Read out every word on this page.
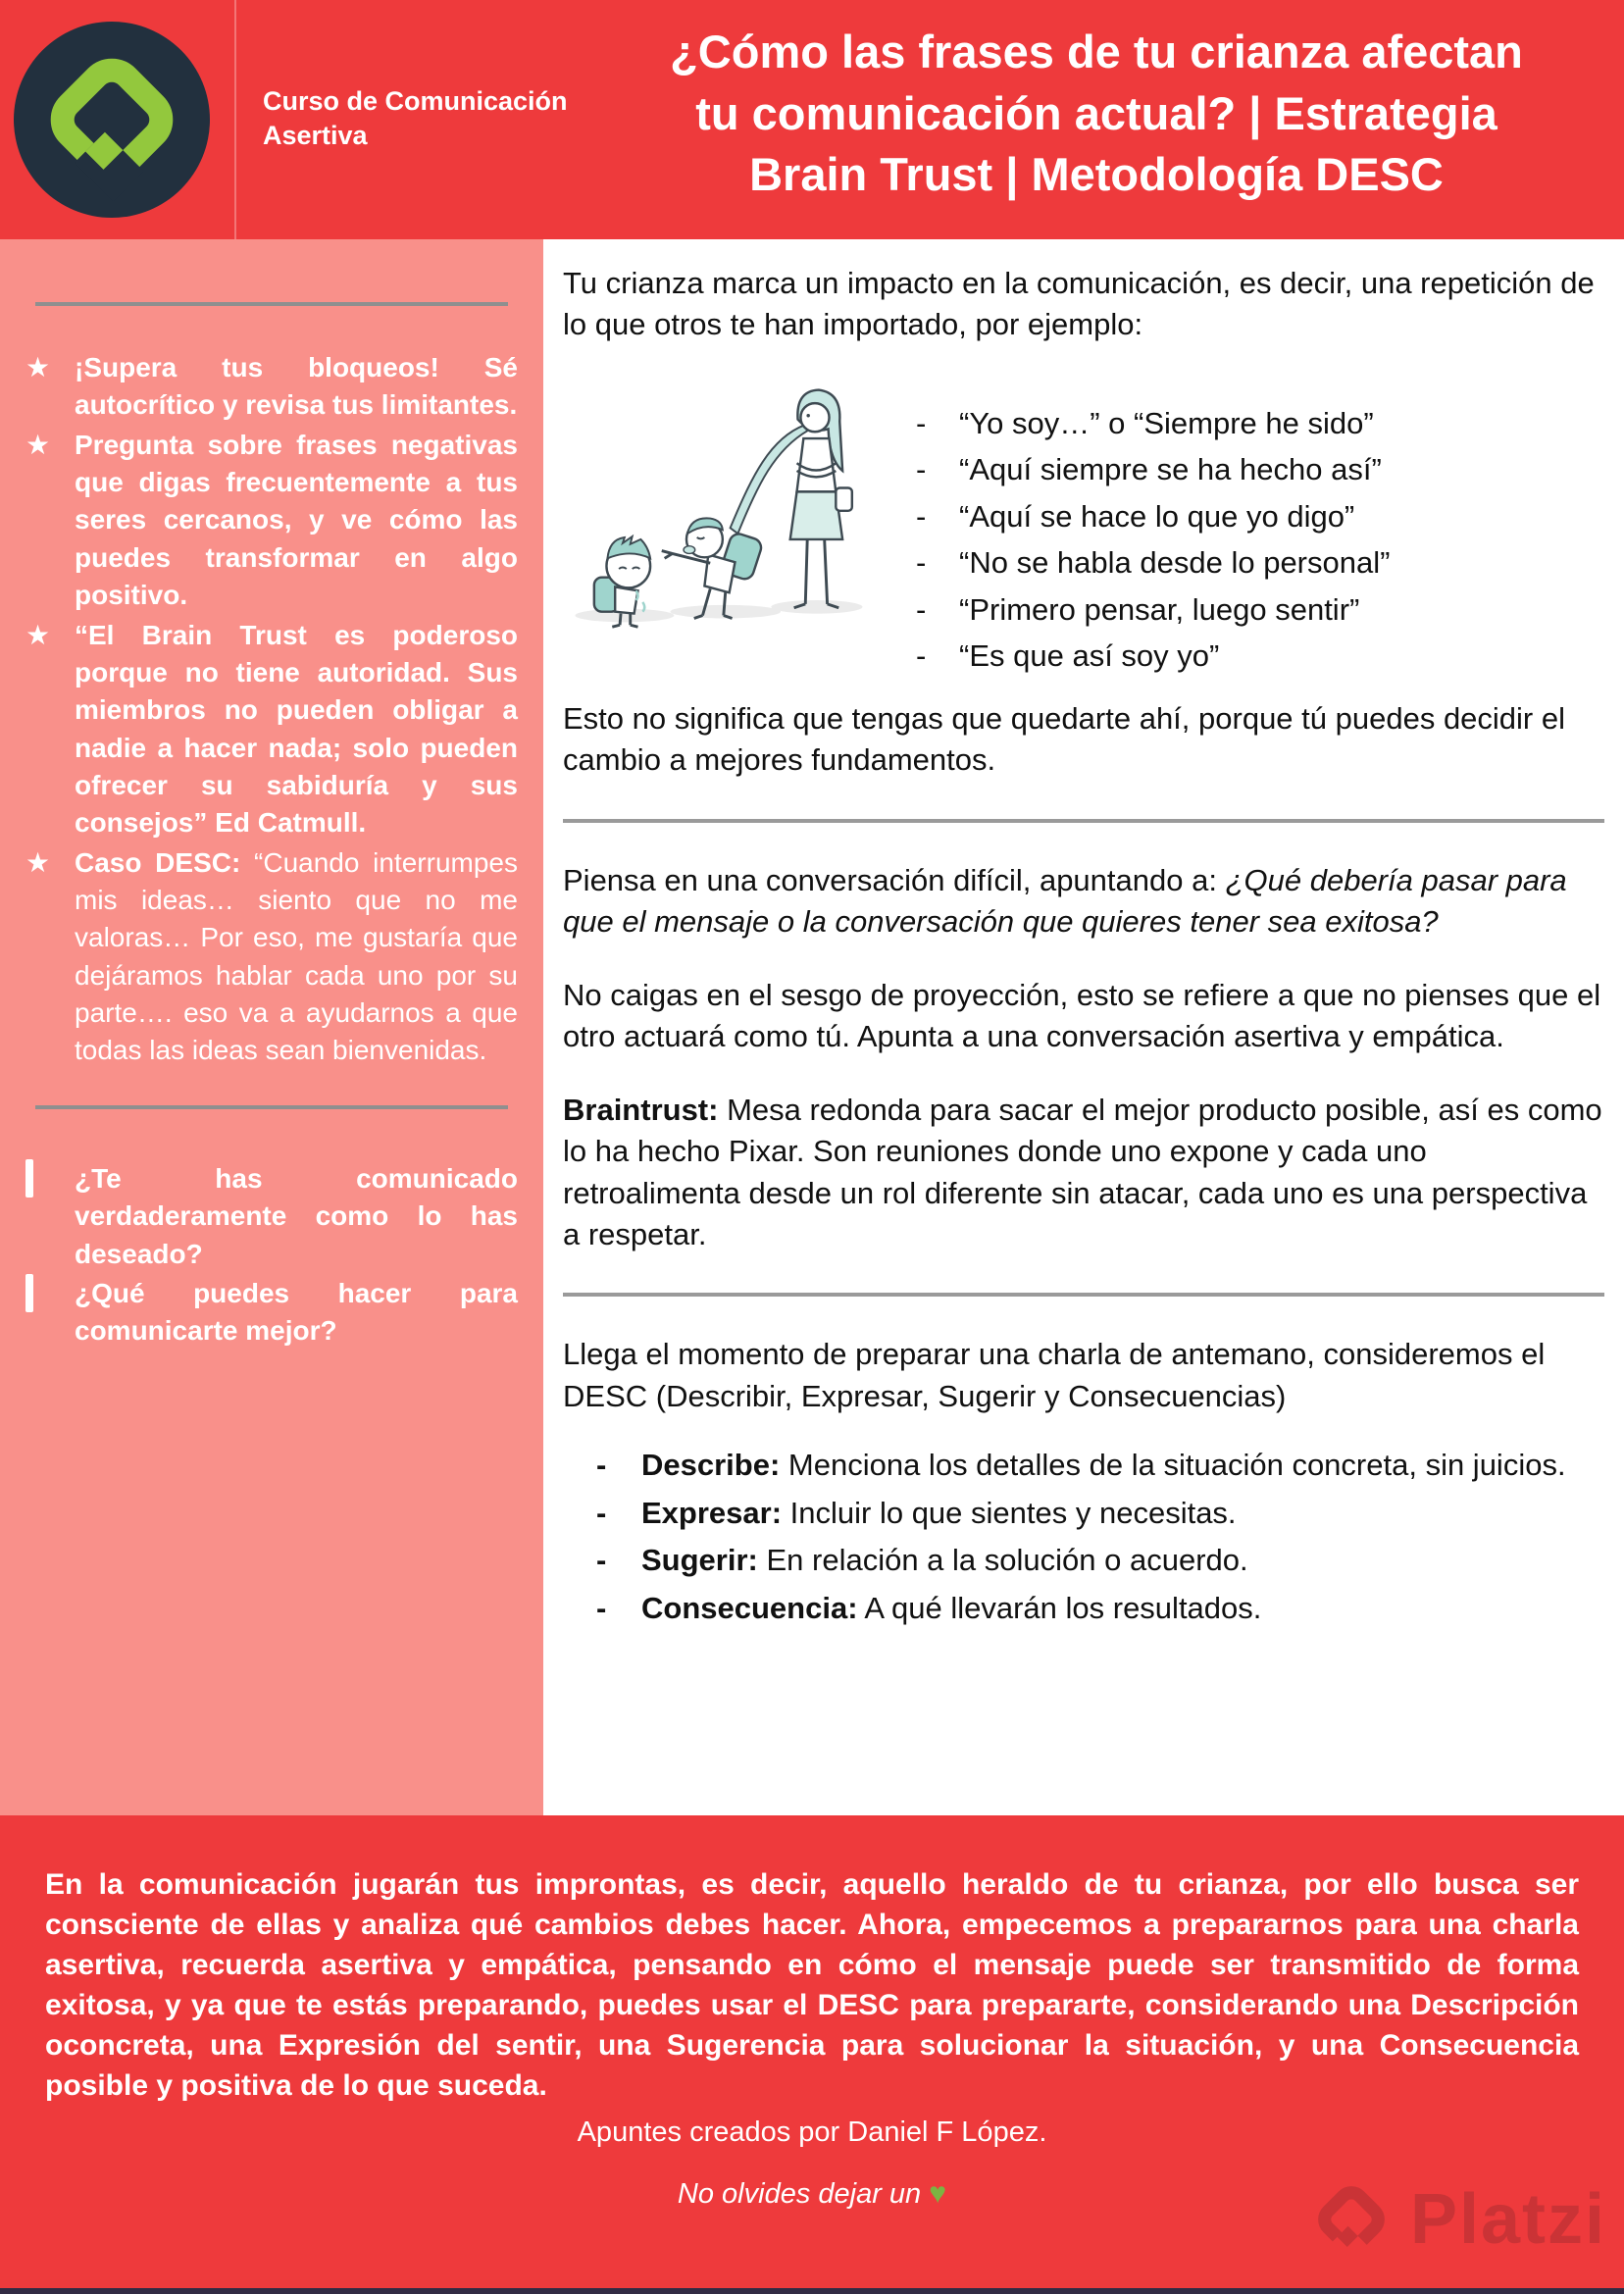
Curso de Comunicación Asertiva
¿Cómo las frases de tu crianza afectan
tu comunicación actual? | Estrategia
Brain Trust | Metodología DESC
★ ¡Supera tus bloqueos! Sé autocrítico y revisa tus limitantes.
★ Pregunta sobre frases negativas que digas frecuentemente a tus seres cercanos, y ve cómo las puedes transformar en algo positivo.
★ “El Brain Trust es poderoso porque no tiene autoridad. Sus miembros no pueden obligar a nadie a hacer nada; solo pueden ofrecer su sabiduría y sus consejos” Ed Catmull.
★ Caso DESC: “Cuando interrumpes mis ideas… siento que no me valoras… Por eso, me gustaría que dejáramos hablar cada uno por su parte…. eso va a ayudarnos a que todas las ideas sean bienvenidas.
¿Te has comunicado verdaderamente como lo has deseado?
¿Qué puedes hacer para comunicarte mejor?

Tu crianza marca un impacto en la comunicación, es decir, una repetición de lo que otros te han importado, por ejemplo:

-	“Yo soy…” o “Siempre he sido”
-	“Aquí siempre se ha hecho así”
-	“Aquí se hace lo que yo digo”
-	“No se habla desde lo personal”
-	“Primero pensar, luego sentir”
-	“Es que así soy yo”

Esto no significa que tengas que quedarte ahí, porque tú puedes decidir el cambio a mejores fundamentos.

Piensa en una conversación difícil, apuntando a: ¿Qué debería pasar para que el mensaje o la conversación que quieres tener sea exitosa?

No caigas en el sesgo de proyección, esto se refiere a que no pienses que el otro actuará como tú. Apunta a una conversación asertiva y empática.

Braintrust: Mesa redonda para sacar el mejor producto posible, así es como lo ha hecho Pixar. Son reuniones donde uno expone y cada uno retroalimenta desde un rol diferente sin atacar, cada uno es una perspectiva a respetar.

Llega el momento de preparar una charla de antemano, consideremos el DESC (Describir, Expresar, Sugerir y Consecuencias)

-	Describe: Menciona los detalles de la situación concreta, sin juicios.
-	Expresar: Incluir lo que sientes y necesitas.
-	Sugerir: En relación a la solución o acuerdo.
-	Consecuencia: A qué llevarán los resultados.

En la comunicación jugarán tus improntas, es decir, aquello heraldo de tu crianza, por ello busca ser consciente de ellas y analiza qué cambios debes hacer. Ahora, empecemos a prepararnos para una charla asertiva, recuerda asertiva y empática, pensando en cómo el mensaje puede ser transmitido de forma exitosa, y ya que te estás preparando, puedes usar el DESC para prepararte, considerando una Descripción oconcreta, una Expresión del sentir, una Sugerencia para solucionar la situación, y una Consecuencia posible y positiva de lo que suceda.

Apuntes creados por Daniel F López.

No olvides dejar un ♥	Platzi
